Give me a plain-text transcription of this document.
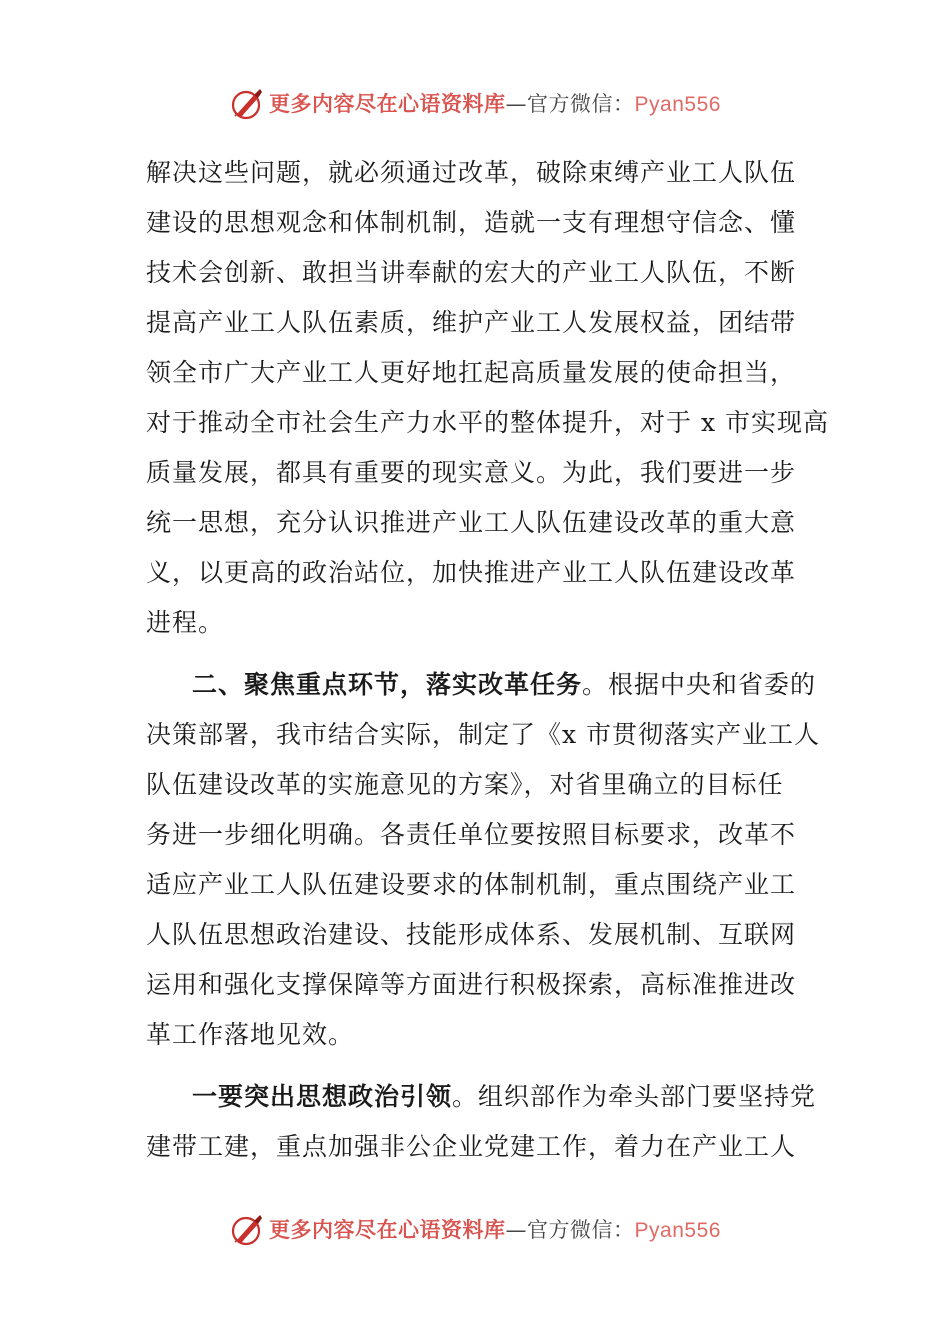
更多内容尽在心语资料库—官方微信：Pyan556

解决这些问题，就必须通过改革，破除束缚产业工人队伍
建设的思想观念和体制机制，造就一支有理想守信念、懂
技术会创新、敢担当讲奉献的宏大的产业工人队伍，不断
提高产业工人队伍素质，维护产业工人发展权益，团结带
领全市广大产业工人更好地扛起高质量发展的使命担当，
对于推动全市社会生产力水平的整体提升，对于 x 市实现高
质量发展，都具有重要的现实意义。为此，我们要进一步
统一思想，充分认识推进产业工人队伍建设改革的重大意
义，以更高的政治站位，加快推进产业工人队伍建设改革
进程。

二、聚焦重点环节，落实改革任务。根据中央和省委的
决策部署，我市结合实际，制定了《x 市贯彻落实产业工人
队伍建设改革的实施意见的方案》，对省里确立的目标任
务进一步细化明确。各责任单位要按照目标要求，改革不
适应产业工人队伍建设要求的体制机制，重点围绕产业工
人队伍思想政治建设、技能形成体系、发展机制、互联网
运用和强化支撑保障等方面进行积极探索，高标准推进改
革工作落地见效。

一要突出思想政治引领。组织部作为牵头部门要坚持党
建带工建，重点加强非公企业党建工作，着力在产业工人

更多内容尽在心语资料库—官方微信：Pyan556
